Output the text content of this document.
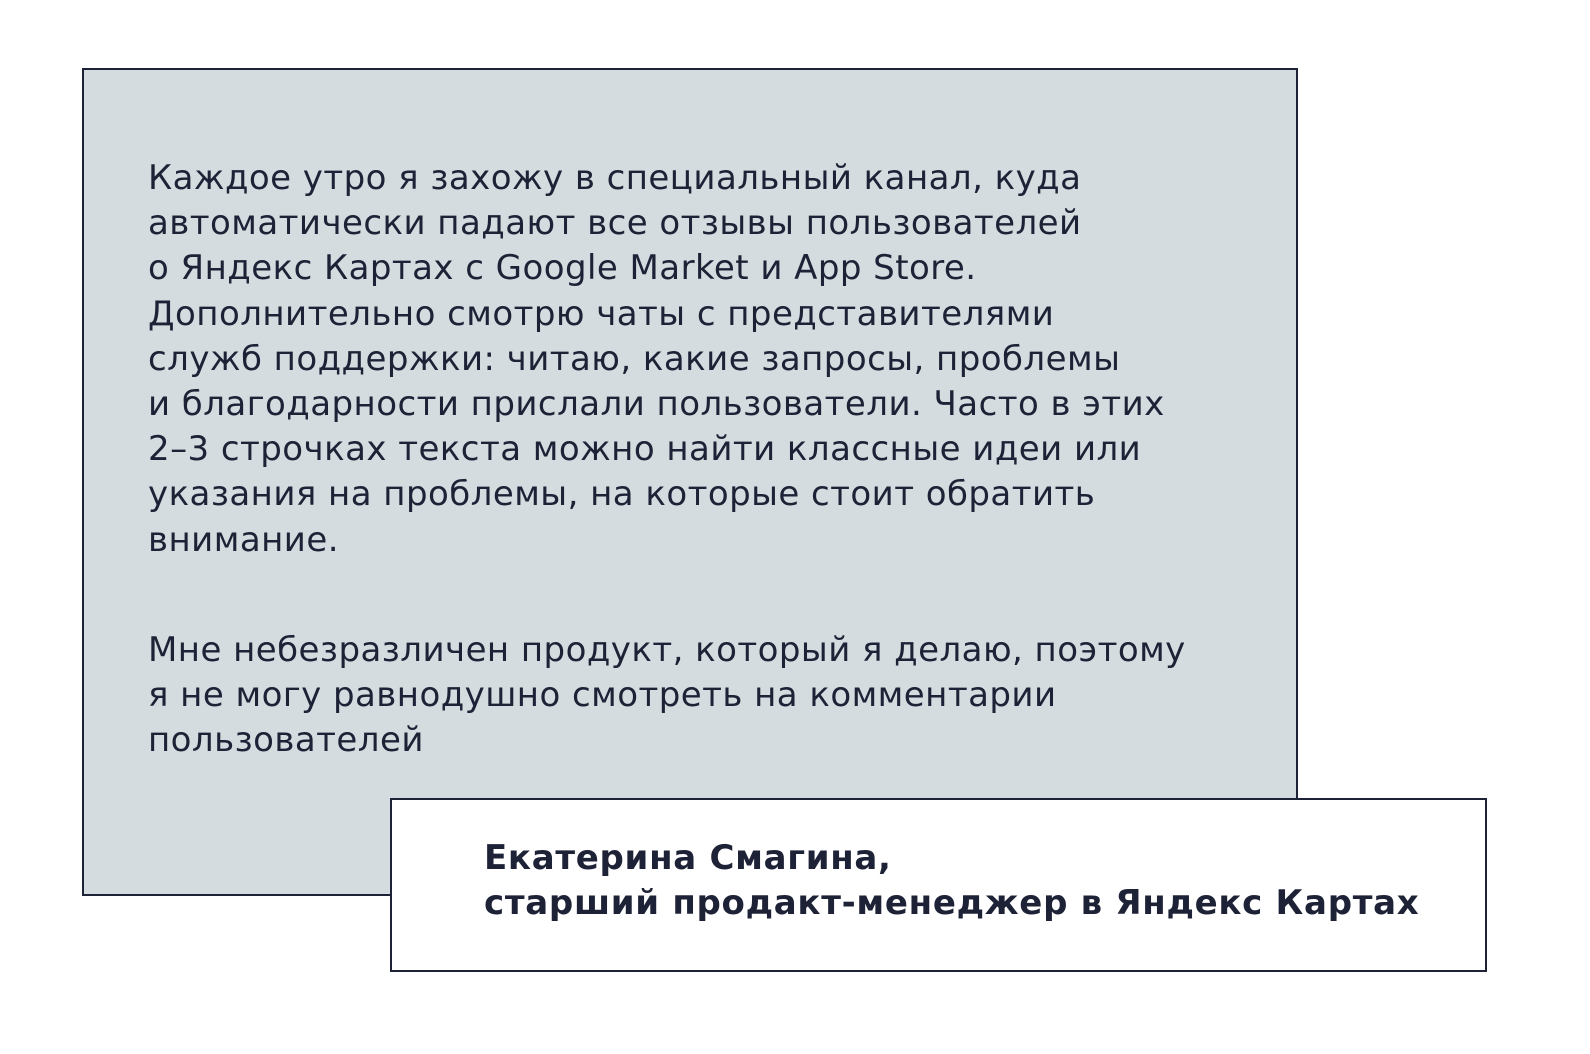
Каждое утро я захожу в специальный канал, куда
автоматически падают все отзывы пользователей
о Яндекс Картах с Google Market и App Store.
Дополнительно смотрю чаты с представителями
служб поддержки: читаю, какие запросы, проблемы
и благодарности прислали пользователи. Часто в этих
2–3 строчках текста можно найти классные идеи или
указания на проблемы, на которые стоит обратить
внимание.

Мне небезразличен продукт, который я делаю, поэтому
я не могу равнодушно смотреть на комментарии
пользователей

Екатерина Смагина,
старший продакт-менеджер в Яндекс Картах
